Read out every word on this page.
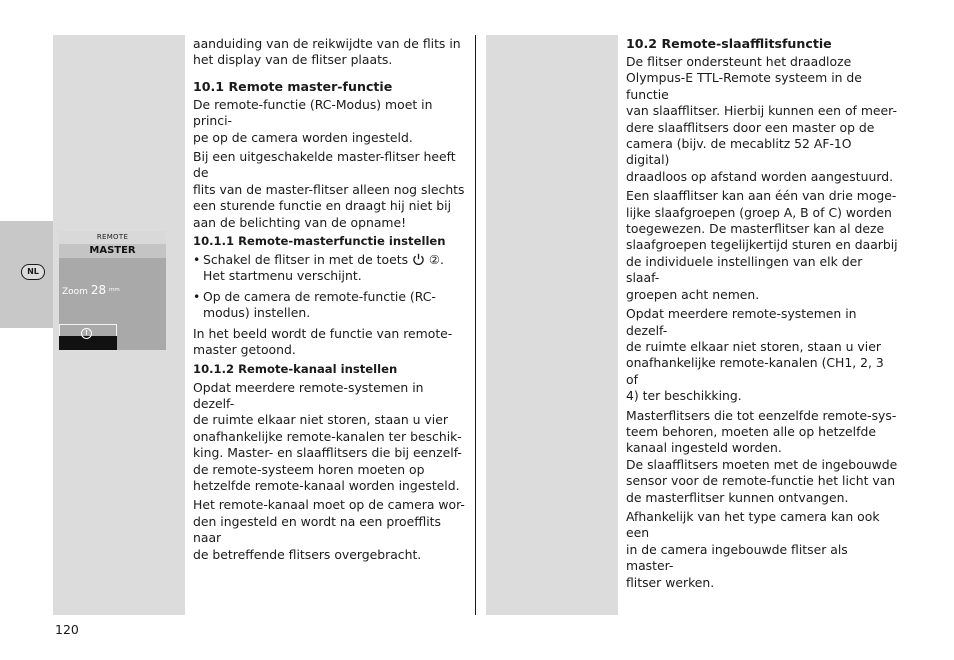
NL
REMOTE
MASTER
Zoom 28 mm

aanduiding van de reikwijdte van de flits in
het display van de flitser plaats.

10.1 Remote master-functie

De remote-functie (RC-Modus) moet in princi-
pe op de camera worden ingesteld.

Bij een uitgeschakelde master-flitser heeft de
flits van de master-flitser alleen nog slechts
een sturende functie en draagt hij niet bij
aan de belichting van de opname!

10.1.1 Remote-masterfunctie instellen
• Schakel de flitser in met de toets  ②.
Het startmenu verschijnt.
• Op de camera de remote-functie (RC-
modus) instellen.

In het beeld wordt de functie van remote-
master getoond.

10.1.2 Remote-kanaal instellen

Opdat meerdere remote-systemen in dezelf-
de ruimte elkaar niet storen, staan u vier
onafhankelijke remote-kanalen ter beschik-
king. Master- en slaafflitsers die bij eenzelf-
de remote-systeem horen moeten op
hetzelfde remote-kanaal worden ingesteld.

Het remote-kanaal moet op de camera wor-
den ingesteld en wordt na een proefflits naar
de betreffende flitsers overgebracht.

10.2 Remote-slaafflitsfunctie

De flitser ondersteunt het draadloze
Olympus-E TTL-Remote systeem in de functie
van slaafflitser. Hierbij kunnen een of meer-
dere slaafflitsers door een master op de
camera (bijv. de mecablitz 52 AF-1O digital)
draadloos op afstand worden aangestuurd.

Een slaafflitser kan aan één van drie moge-
lijke slaafgroepen (groep A, B of C) worden
toegewezen. De masterflitser kan al deze
slaafgroepen tegelijkertijd sturen en daarbij
de individuele instellingen van elk der slaaf-
groepen acht nemen.

Opdat meerdere remote-systemen in dezelf-
de ruimte elkaar niet storen, staan u vier
onafhankelijke remote-kanalen (CH1, 2, 3 of
4) ter beschikking.

Masterflitsers die tot eenzelfde remote-sys-
teem behoren, moeten alle op hetzelfde
kanaal ingesteld worden.
De slaafflitsers moeten met de ingebouwde
sensor voor de remote-functie het licht van
de masterflitser kunnen ontvangen.

Afhankelijk van het type camera kan ook een
in de camera ingebouwde flitser als master-
flitser werken.

120
